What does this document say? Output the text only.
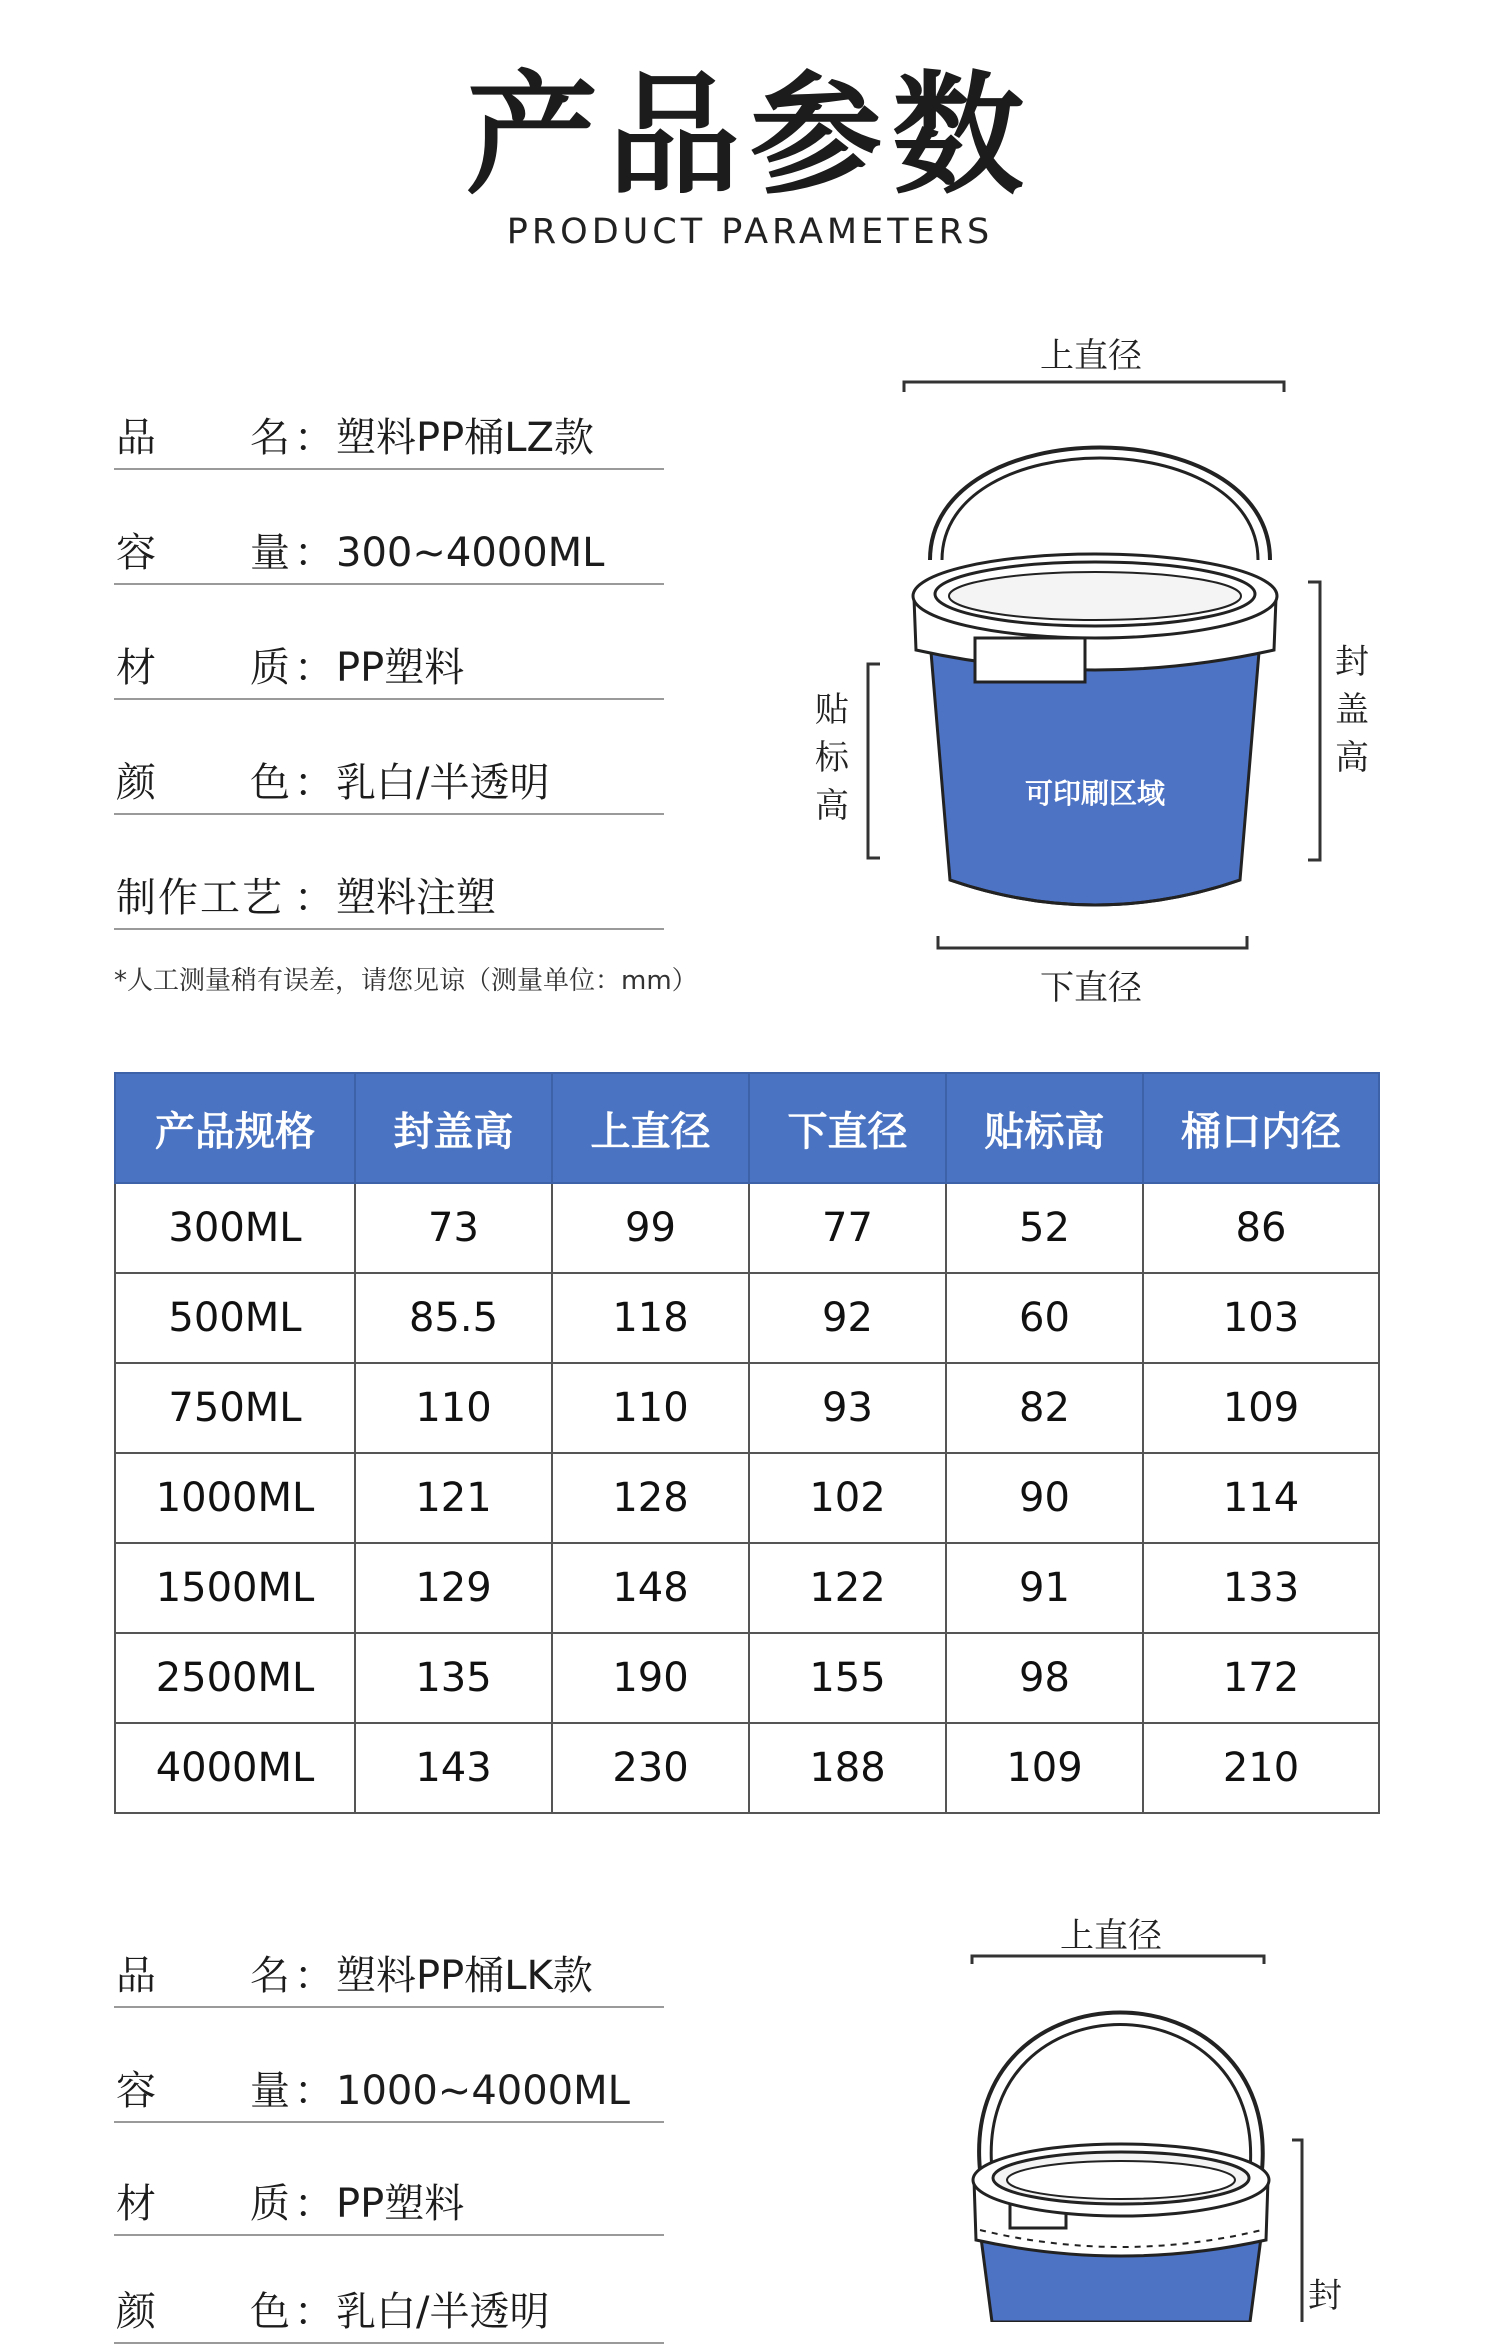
产品参数
PRODUCT PARAMETERS
品 名 ： 塑料PP桶LZ款
容 量 ： 300~4000ML
材 质 ： PP塑料
颜 色 ： 乳白/半透明
制作工艺 ： 塑料注塑
*人工测量稍有误差，请您见谅（测量单位：mm）
上直径
下直径
贴
标
高
封
盖
高
可印刷区域
产品规格	封盖高	上直径	下直径	贴标高	桶口内径
300ML	73	99	77	52	86
500ML	85.5	118	92	60	103
750ML	110	110	93	82	109
1000ML	121	128	102	90	114
1500ML	129	148	122	91	133
2500ML	135	190	155	98	172
4000ML	143	230	188	109	210
品 名 ： 塑料PP桶LK款
容 量 ： 1000~4000ML
材 质 ： PP塑料
颜 色 ： 乳白/半透明
上直径
封
